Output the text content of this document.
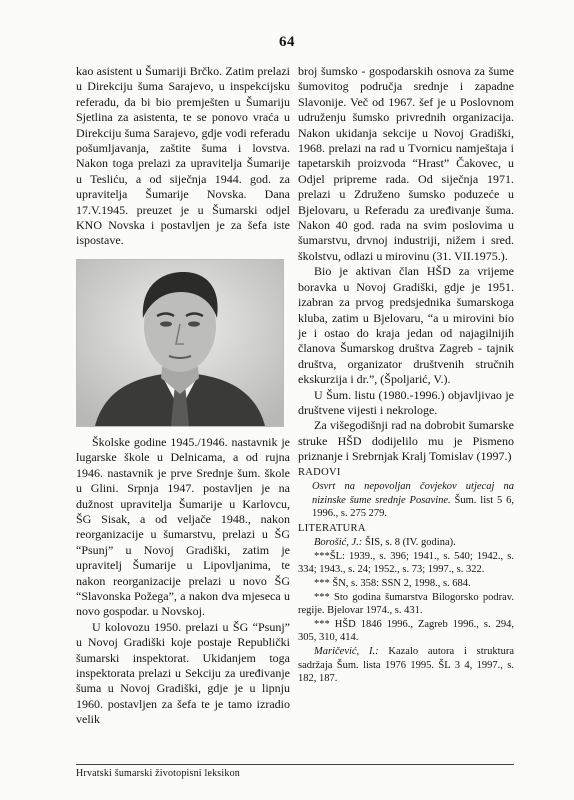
64

kao asistent u Šumariji Brčko. Zatim prelazi u Direkciju šuma Sarajevo, u inspekcijsku referadu, da bi bio premješten u Šumariju Sjetlina za asistenta, te se ponovo vraća u Direkciju šuma Sarajevo, gdje vodi referadu pošumljavanja, zaštite šuma i lovstva. Nakon toga prelazi za upravitelja Šumarije u Tesliću, a od siječnja 1944. god. za upravitelja Šumarije Novska. Dana 17.V.1945. preuzet je u Šumarski odjel KNO Novska i postavljen je za šefa iste ispostave.

Školske godine 1945./1946. nastavnik je lugarske škole u Delnicama, a od rujna 1946. nastavnik je prve Srednje šum. škole u Glini. Srpnja 1947. postavljen je na dužnost upravitelja Šumarije u Karlovcu, ŠG Sisak, a od veljače 1948., nakon reorganizacije u šumarstvu, prelazi u ŠG “Psunj” u Novoj Gradiški, zatim je upravitelj Šumarije u Lipovljanima, te nakon reorganizacije prelazi u novo ŠG “Slavonska Požega”, a nakon dva mjeseca u novo gospodar. u Novskoj.

U kolovozu 1950. prelazi u ŠG “Psunj” u Novoj Gradiški koje postaje Republički šumarski inspektorat. Ukidanjem toga inspektorata prelazi u Sekciju za uređivanje šuma u Novoj Gradiški, gdje je u lipnju 1960. postavljen za šefa te je tamo izradio velik

broj šumsko - gospodarskih osnova za šume šumovitog područja srednje i zapadne Slavonije. Več od 1967. šef je u Poslovnom udruženju šumsko privrednih organizacija. Nakon ukidanja sekcije u Novoj Gradiški, 1968. prelazi na rad u Tvornicu namještaja i tapetarskih proizvoda “Hrast” Čakovec, u Odjel pripreme rada. Od siječnja 1971. prelazi u Združeno šumsko poduzeće u Bjelovaru, u Referadu za uređivanje šuma. Nakon 40 god. rada na svim poslovima u šumarstvu, drvnoj industriji, nižem i sred. školstvu, odlazi u mirovinu (31. VII.1975.).

Bio je aktivan član HŠD za vrijeme boravka u Novoj Gradiški, gdje je 1951. izabran za prvog predsjednika šumarskoga kluba, zatim u Bjelovaru, “a u mirovini bio je i ostao do kraja jedan od najagilnijih članova Šumarskog društva Zagreb - tajnik društva, organizator društvenih stručnih ekskurzija i dr.”, (Špoljarić, V.).

U Šum. listu (1980.-1996.) objavljivao je društvene vijesti i nekrologe.

Za višegodišnji rad na dobrobit šumarske struke HŠD dodijelilo mu je Pismeno priznanje i Srebrnjak Kralj Tomislav (1997.)

RADOVI

Osvrt na nepovoljan čovjekov utjecaj na nizinske šume srednje Posavine. Šum. list 5 6, 1996., s. 275 279.

LITERATURA

Borošić, J.: ŠIS, s. 8 (IV. godina).

***ŠL: 1939., s. 396; 1941., s. 540; 1942., s. 334; 1943., s. 24; 1952., s. 73; 1997., s. 322.

*** ŠN, s. 358: SSN 2, 1998., s. 684.

*** Sto godina šumarstva Bilogorsko podrav. regije. Bjelovar 1974., s. 431.

*** HŠD 1846 1996., Zagreb 1996., s. 294, 305, 310, 414.

Maričević, I.: Kazalo autora i struktura sadržaja Šum. lista 1976 1995. ŠL 3 4, 1997., s. 182, 187.

Hrvatski šumarski životopisni leksikon
